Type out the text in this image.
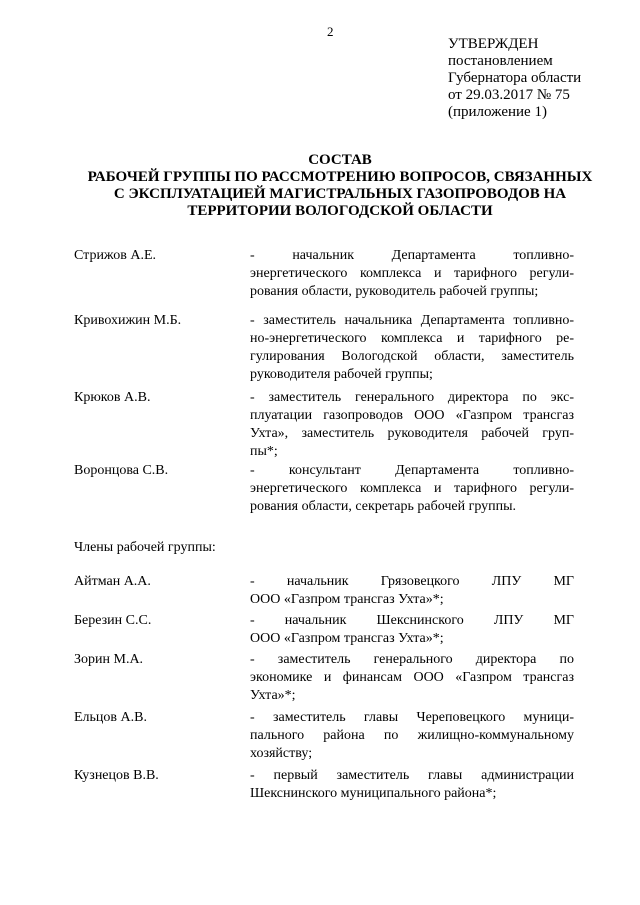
2
УТВЕРЖДЕН
постановлением
Губернатора области
от 29.03.2017 № 75
(приложение 1)
СОСТАВ
РАБОЧЕЙ ГРУППЫ ПО РАССМОТРЕНИЮ ВОПРОСОВ, СВЯЗАННЫХ
С ЭКСПЛУАТАЦИЕЙ МАГИСТРАЛЬНЫХ ГАЗОПРОВОДОВ НА
ТЕРРИТОРИИ ВОЛОГОДСКОЙ ОБЛАСТИ
Стрижов А.Е.	- начальник Департамента топливно-
энергетического комплекса и тарифного регули-
рования области, руководитель рабочей группы;
Кривохижин М.Б.	- заместитель начальника Департамента топливно-
но-энергетического комплекса и тарифного ре-
гулирования Вологодской области, заместитель
руководителя рабочей группы;
Крюков А.В.	- заместитель генерального директора по экс-
плуатации газопроводов ООО «Газпром трансгаз
Ухта», заместитель руководителя рабочей груп-
пы*;
Воронцова С.В.	- консультант Департамента топливно-
энергетического комплекса и тарифного регули-
рования области, секретарь рабочей группы.
Члены рабочей группы:
Айтман А.А.	- начальник Грязовецкого ЛПУ МГ
ООО «Газпром трансгаз Ухта»*;
Березин С.С.	- начальник Шекснинского ЛПУ МГ
ООО «Газпром трансгаз Ухта»*;
Зорин М.А.	- заместитель генерального директора по
экономике и финансам ООО «Газпром трансгаз
Ухта»*;
Ельцов А.В.	- заместитель главы Череповецкого муници-
пального района по жилищно-коммунальному
хозяйству;
Кузнецов В.В.	- первый заместитель главы администрации
Шекснинского муниципального района*;
